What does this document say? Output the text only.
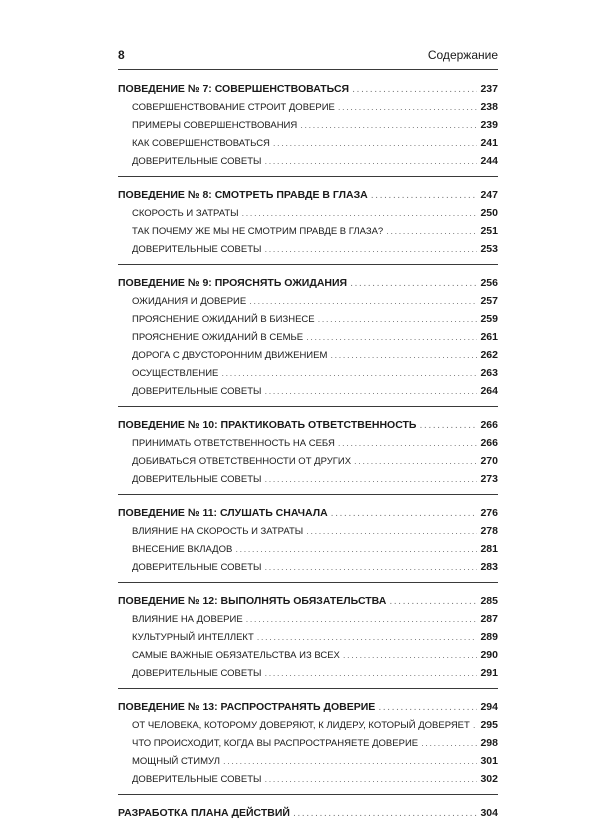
8	Содержание
ПОВЕДЕНИЕ № 7: СОВЕРШЕНСТВОВАТЬСЯ .....	237
СОВЕРШЕНСТВОВАНИЕ СТРОИТ ДОВЕРИЕ .....	238
ПРИМЕРЫ СОВЕРШЕНСТВОВАНИЯ .....	239
КАК СОВЕРШЕНСТВОВАТЬСЯ .....	241
ДОВЕРИТЕЛЬНЫЕ СОВЕТЫ .....	244
ПОВЕДЕНИЕ № 8: СМОТРЕТЬ ПРАВДЕ В ГЛАЗА .....	247
СКОРОСТЬ И ЗАТРАТЫ .....	250
ТАК ПОЧЕМУ ЖЕ МЫ НЕ СМОТРИМ ПРАВДЕ В ГЛАЗА? .....	251
ДОВЕРИТЕЛЬНЫЕ СОВЕТЫ .....	253
ПОВЕДЕНИЕ № 9: ПРОЯСНЯТЬ ОЖИДАНИЯ .....	256
ОЖИДАНИЯ И ДОВЕРИЕ .....	257
ПРОЯСНЕНИЕ ОЖИДАНИЙ В БИЗНЕСЕ .....	259
ПРОЯСНЕНИЕ ОЖИДАНИЙ В СЕМЬЕ .....	261
ДОРОГА С ДВУСТОРОННИМ ДВИЖЕНИЕМ .....	262
ОСУЩЕСТВЛЕНИЕ .....	263
ДОВЕРИТЕЛЬНЫЕ СОВЕТЫ .....	264
ПОВЕДЕНИЕ № 10: ПРАКТИКОВАТЬ ОТВЕТСТВЕННОСТЬ .....	266
ПРИНИМАТЬ ОТВЕТСТВЕННОСТЬ НА СЕБЯ .....	266
ДОБИВАТЬСЯ ОТВЕТСТВЕННОСТИ ОТ ДРУГИХ .....	270
ДОВЕРИТЕЛЬНЫЕ СОВЕТЫ .....	273
ПОВЕДЕНИЕ № 11: СЛУШАТЬ СНАЧАЛА .....	276
ВЛИЯНИЕ НА СКОРОСТЬ И ЗАТРАТЫ .....	278
ВНЕСЕНИЕ ВКЛАДОВ .....	281
ДОВЕРИТЕЛЬНЫЕ СОВЕТЫ .....	283
ПОВЕДЕНИЕ № 12: ВЫПОЛНЯТЬ ОБЯЗАТЕЛЬСТВА .....	285
ВЛИЯНИЕ НА ДОВЕРИЕ .....	287
КУЛЬТУРНЫЙ ИНТЕЛЛЕКТ .....	289
САМЫЕ ВАЖНЫЕ ОБЯЗАТЕЛЬСТВА ИЗ ВСЕХ .....	290
ДОВЕРИТЕЛЬНЫЕ СОВЕТЫ .....	291
ПОВЕДЕНИЕ № 13: РАСПРОСТРАНЯТЬ ДОВЕРИЕ .....	294
ОТ ЧЕЛОВЕКА, КОТОРОМУ ДОВЕРЯЮТ, К ЛИДЕРУ, КОТОРЫЙ ДОВЕРЯЕТ ..... 295
ЧТО ПРОИСХОДИТ, КОГДА ВЫ РАСПРОСТРАНЯЕТЕ ДОВЕРИЕ .....	298
МОЩНЫЙ СТИМУЛ .....	301
ДОВЕРИТЕЛЬНЫЕ СОВЕТЫ .....	302
РАЗРАБОТКА ПЛАНА ДЕЙСТВИЙ .....	304
